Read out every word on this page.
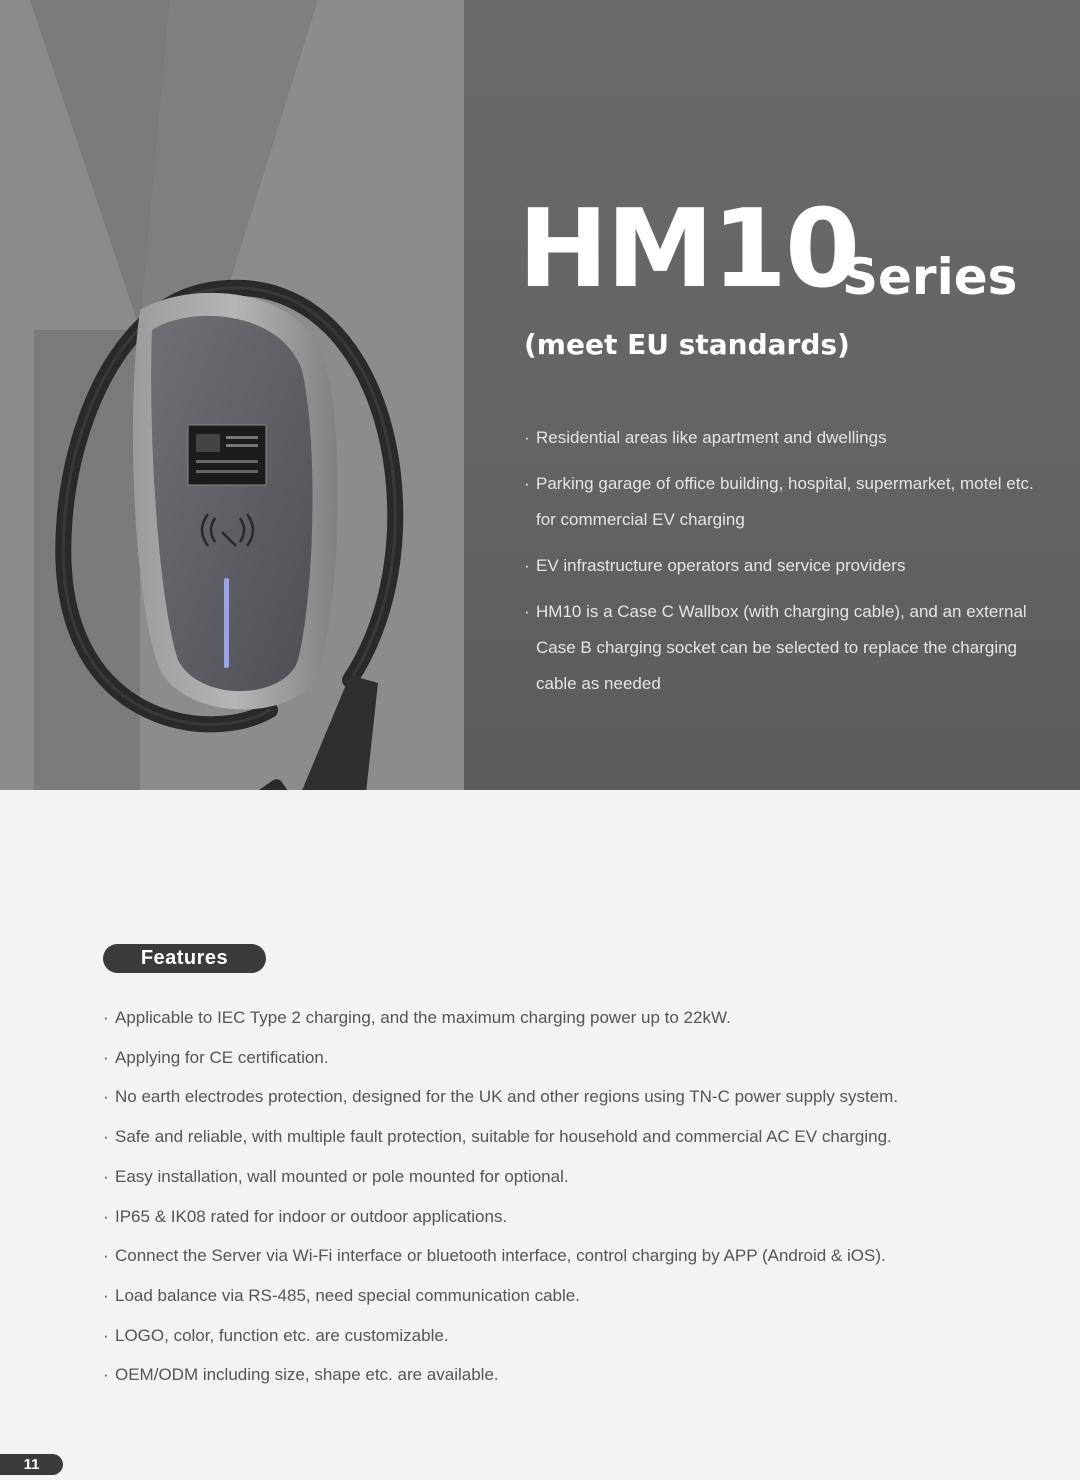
HM10
Series
(meet EU standards)
· Residential areas like apartment and dwellings
· Parking garage of office building, hospital, supermarket, motel etc. for commercial EV charging
· EV infrastructure operators and service providers
· HM10 is a Case C Wallbox (with charging cable), and an external Case B charging socket can be selected to replace the charging cable as needed
Features
· Applicable to IEC Type 2 charging, and the maximum charging power up to 22kW.
· Applying for CE certification.
· No earth electrodes protection, designed for the UK and other regions using TN-C power supply system.
· Safe and reliable, with multiple fault protection, suitable for household and commercial AC EV charging.
· Easy installation, wall mounted or pole mounted for optional.
· IP65 & IK08 rated for indoor or outdoor applications.
· Connect the Server via Wi-Fi interface or bluetooth interface, control charging by APP (Android & iOS).
· Load balance via RS-485, need special communication cable.
· LOGO, color, function etc. are customizable.
· OEM/ODM including size, shape etc. are available.
11
